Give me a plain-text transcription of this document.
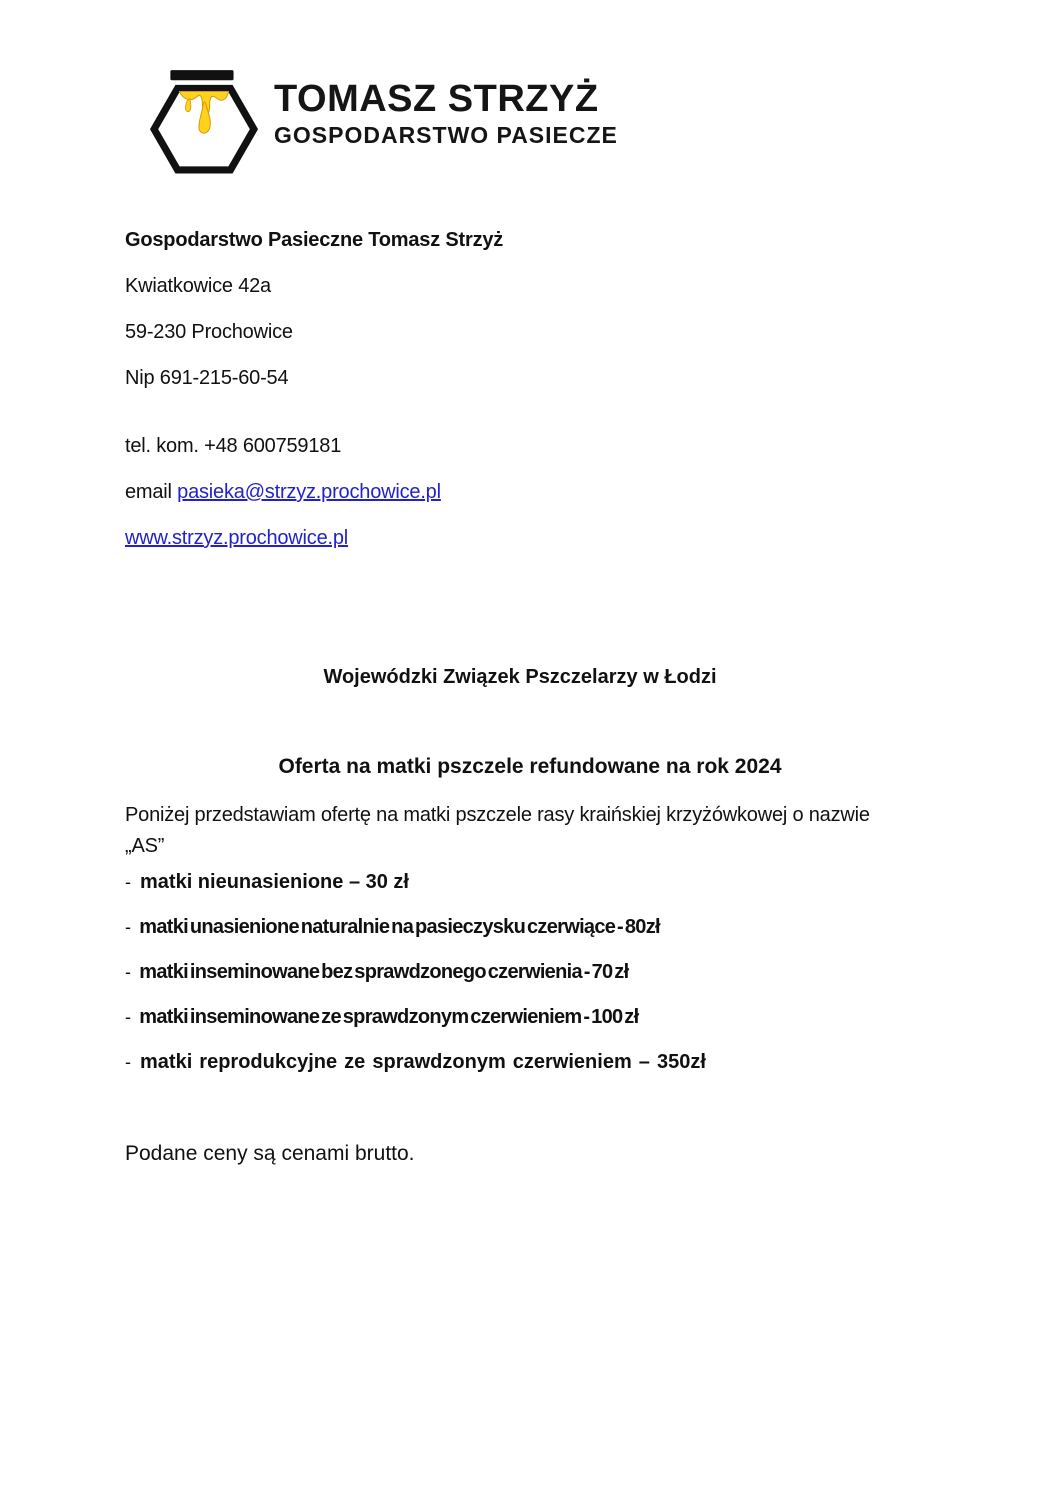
TOMASZ STRZYŻ
GOSPODARSTWO PASIECZE

Gospodarstwo Pasieczne Tomasz Strzyż

Kwiatkowice 42a

59-230 Prochowice

Nip 691-215-60-54

tel. kom. +48 600759181

email pasieka@strzyz.prochowice.pl

www.strzyz.prochowice.pl

Wojewódzki Związek Pszczelarzy w Łodzi
Oferta na matki pszczele refundowane na rok 2024
Poniżej przedstawiam ofertę na matki pszczele rasy kraińskiej krzyżówkowej o nazwie
„AS”
- matki nieunasienione – 30 zł
- matki unasienione naturalnie na pasieczysku czerwiące - 80zł
- matki inseminowane bez sprawdzonego czerwienia - 70 zł
- matki inseminowane ze sprawdzonym czerwieniem - 100 zł
- matki reprodukcyjne ze sprawdzonym czerwieniem – 350zł
Podane ceny są cenami brutto.
